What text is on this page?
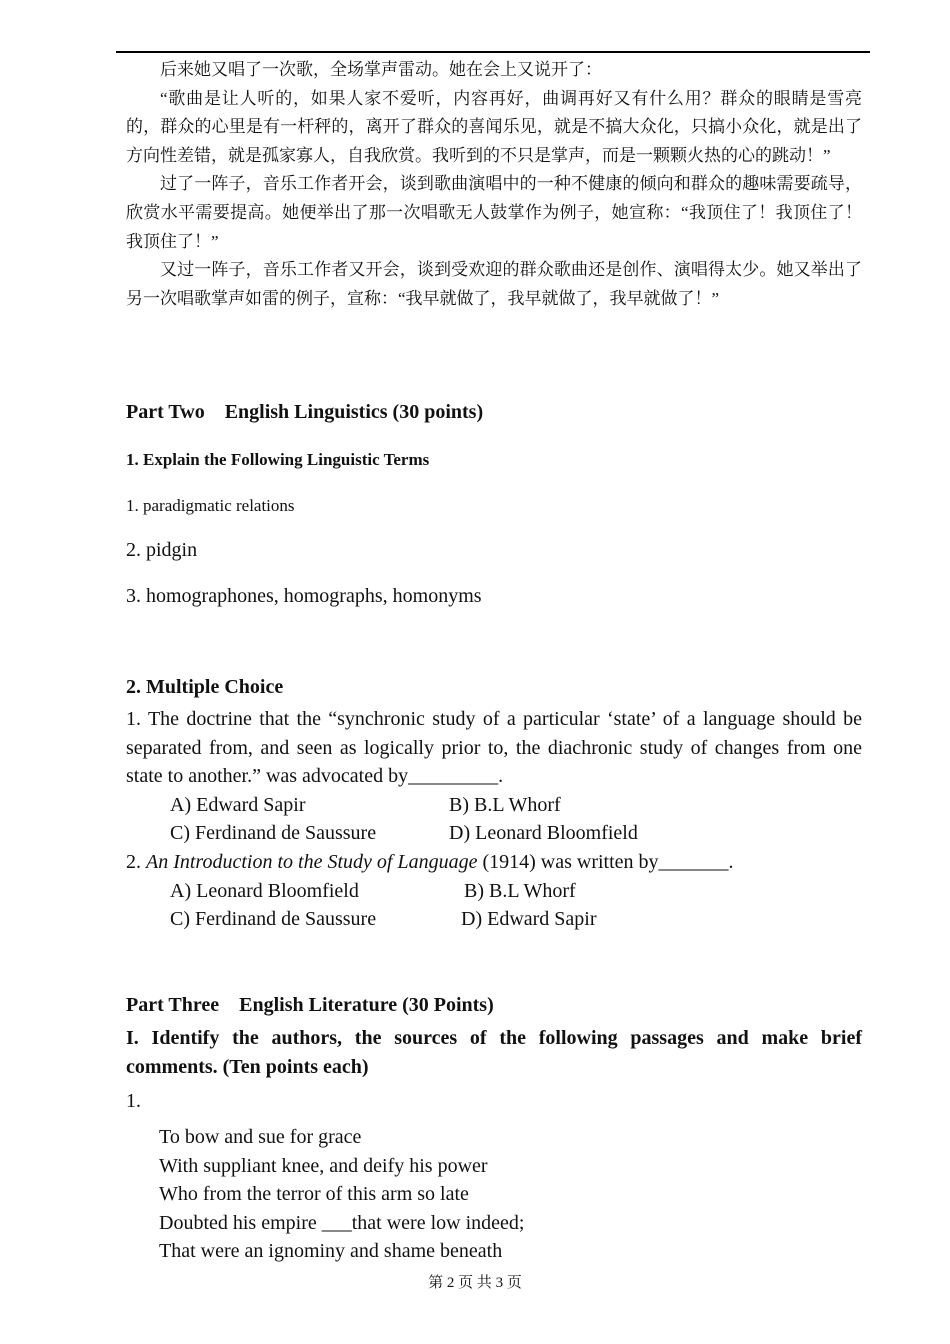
后来她又唱了一次歌，全场掌声雷动。她在会上又说开了：

“歌曲是让人听的，如果人家不爱听，内容再好，曲调再好又有什么用？群众的眼睛是雪亮的，群众的心里是有一杆秤的，离开了群众的喜闻乐见，就是不搞大众化，只搞小众化，就是出了方向性差错，就是孤家寡人，自我欣赏。我听到的不只是掌声，而是一颗颗火热的心的跳动！”

过了一阵子，音乐工作者开会，谈到歌曲演唱中的一种不健康的倾向和群众的趣味需要疏导，欣赏水平需要提高。她便举出了那一次唱歌无人鼓掌作为例子，她宣称：“我顶住了！我顶住了！我顶住了！”

又过一阵子，音乐工作者又开会，谈到受欢迎的群众歌曲还是创作、演唱得太少。她又举出了另一次唱歌掌声如雷的例子，宣称：“我早就做了，我早就做了，我早就做了！”

Part Two    English Linguistics (30 points)
1. Explain the Following Linguistic Terms
1. paradigmatic relations
2. pidgin
3. homographones, homographs, homonyms
2. Multiple Choice

1. The doctrine that the “synchronic study of a particular ‘state’ of a language should be separated from, and seen as logically prior to, the diachronic study of changes from one state to another.” was advocated by_________.

A) Edward Sapir	B) B.L Whorf
C) Ferdinand de Saussure	D) Leonard Bloomfield

2. An Introduction to the Study of Language (1914) was written by_______.

A) Leonard Bloomfield	B) B.L Whorf
C) Ferdinand de Saussure	D) Edward Sapir
Part Three    English Literature (30 Points)
I. Identify the authors, the sources of the following passages and make brief comments. (Ten points each)
1.
To bow and sue for grace
With suppliant knee, and deify his power
Who from the terror of this arm so late
Doubted his empire ___that were low indeed;
That were an ignominy and shame beneath
第 2 页 共 3 页
